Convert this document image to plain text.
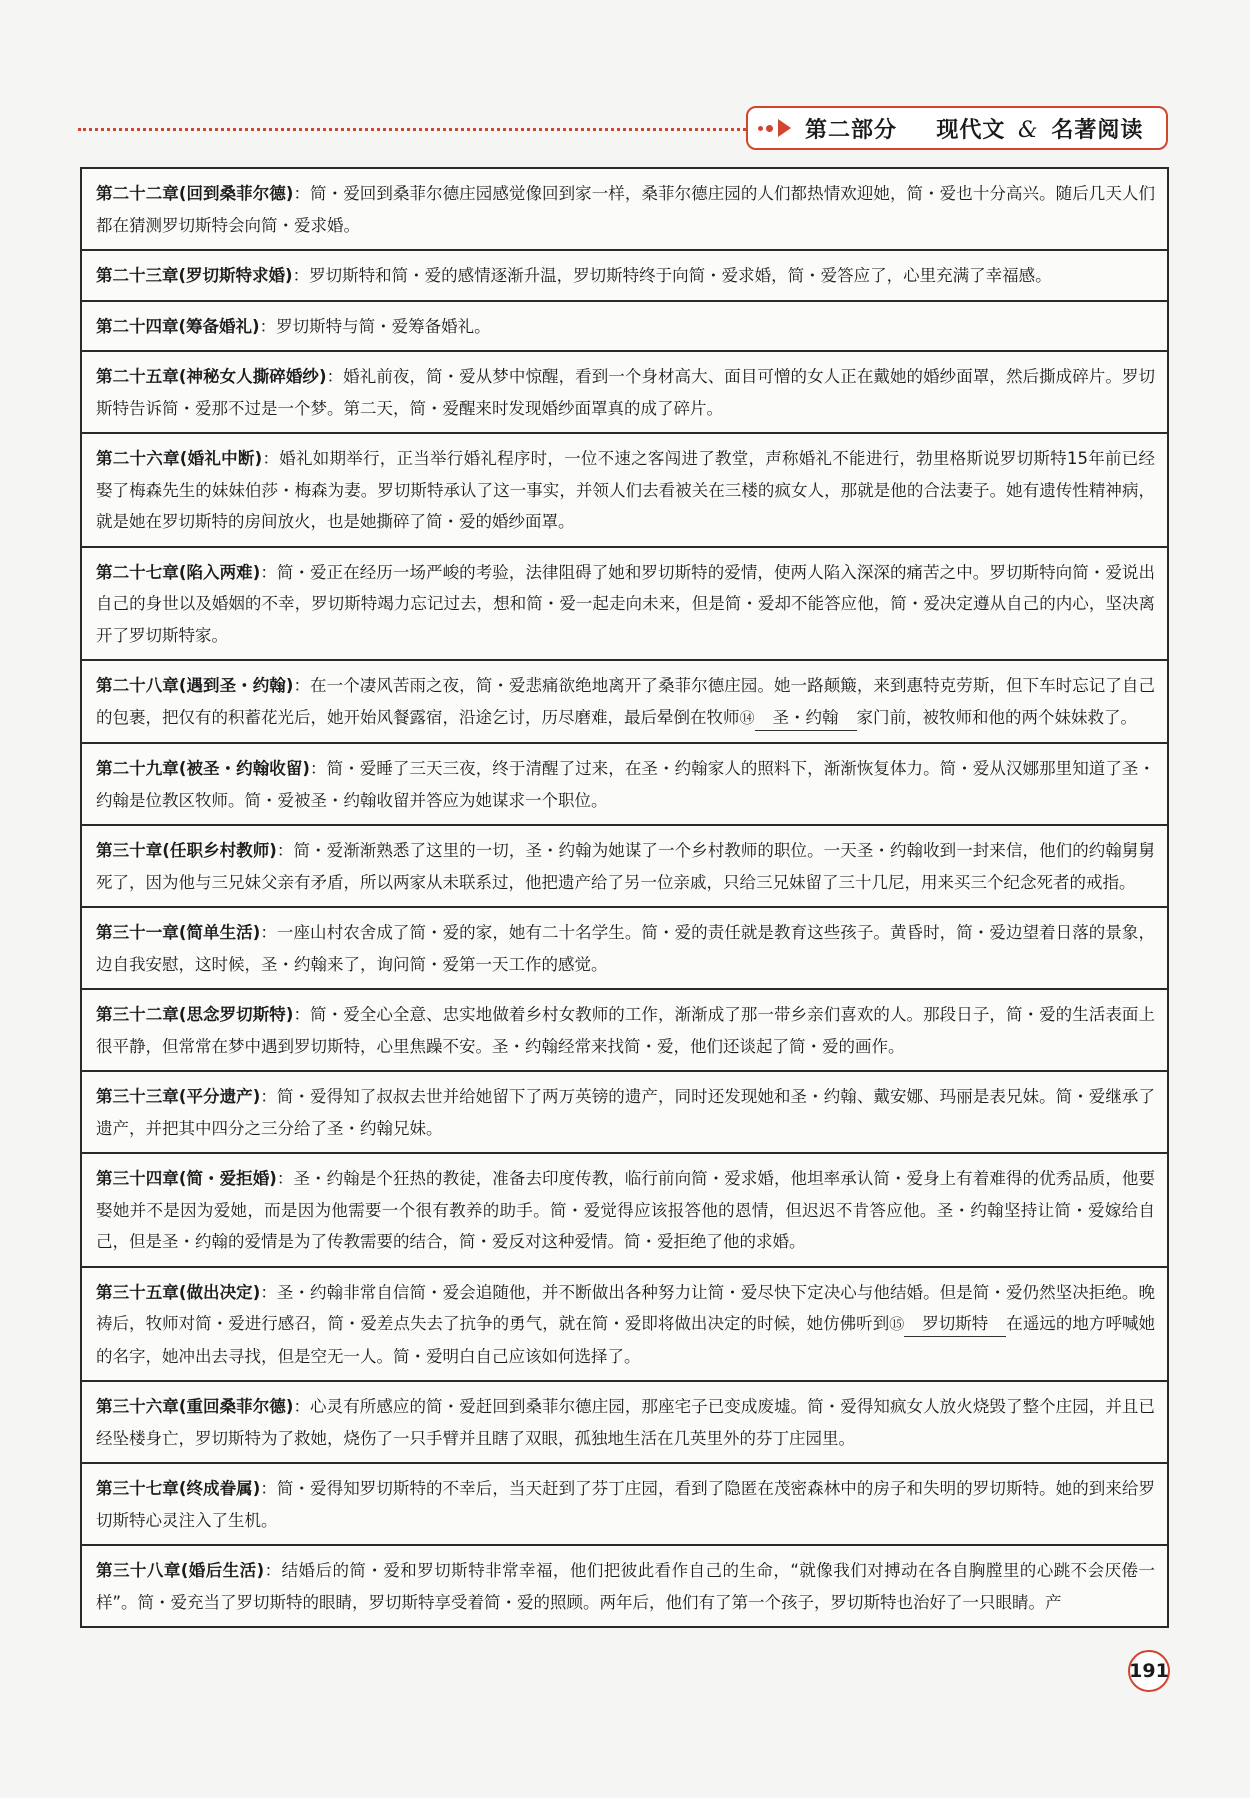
第二部分 现代文 & 名著阅读
第二十二章(回到桑菲尔德)：简・爱回到桑菲尔德庄园感觉像回到家一样，桑菲尔德庄园的人们都热情欢迎她，简・爱也十分高兴。随后几天人们都在猜测罗切斯特会向简・爱求婚。
第二十三章(罗切斯特求婚)：罗切斯特和简・爱的感情逐渐升温，罗切斯特终于向简・爱求婚，简・爱答应了，心里充满了幸福感。
第二十四章(筹备婚礼)：罗切斯特与简・爱筹备婚礼。
第二十五章(神秘女人撕碎婚纱)：婚礼前夜，简・爱从梦中惊醒，看到一个身材高大、面目可憎的女人正在戴她的婚纱面罩，然后撕成碎片。罗切斯特告诉简・爱那不过是一个梦。第二天，简・爱醒来时发现婚纱面罩真的成了碎片。
第二十六章(婚礼中断)：婚礼如期举行，正当举行婚礼程序时，一位不速之客闯进了教堂，声称婚礼不能进行，勃里格斯说罗切斯特15年前已经娶了梅森先生的妹妹伯莎・梅森为妻。罗切斯特承认了这一事实，并领人们去看被关在三楼的疯女人，那就是他的合法妻子。她有遗传性精神病，就是她在罗切斯特的房间放火，也是她撕碎了简・爱的婚纱面罩。
第二十七章(陷入两难)：简・爱正在经历一场严峻的考验，法律阻碍了她和罗切斯特的爱情，使两人陷入深深的痛苦之中。罗切斯特向简・爱说出自己的身世以及婚姻的不幸，罗切斯特竭力忘记过去，想和简・爱一起走向未来，但是简・爱却不能答应他，简・爱决定遵从自己的内心，坚决离开了罗切斯特家。
第二十八章(遇到圣・约翰)：在一个凄风苦雨之夜，简・爱悲痛欲绝地离开了桑菲尔德庄园。她一路颠簸，来到惠特克劳斯，但下车时忘记了自己的包裹，把仅有的积蓄花光后，她开始风餐露宿，沿途乞讨，历尽磨难，最后晕倒在牧师⑭ 圣・约翰 家门前，被牧师和他的两个妹妹救了。
第二十九章(被圣・约翰收留)：简・爱睡了三天三夜，终于清醒了过来，在圣・约翰家人的照料下，渐渐恢复体力。简・爱从汉娜那里知道了圣・约翰是位教区牧师。简・爱被圣・约翰收留并答应为她谋求一个职位。
第三十章(任职乡村教师)：简・爱渐渐熟悉了这里的一切，圣・约翰为她谋了一个乡村教师的职位。一天圣・约翰收到一封来信，他们的约翰舅舅死了，因为他与三兄妹父亲有矛盾，所以两家从未联系过，他把遗产给了另一位亲戚，只给三兄妹留了三十几尼，用来买三个纪念死者的戒指。
第三十一章(简单生活)：一座山村农舍成了简・爱的家，她有二十名学生。简・爱的责任就是教育这些孩子。黄昏时，简・爱边望着日落的景象，边自我安慰，这时候，圣・约翰来了，询问简・爱第一天工作的感觉。
第三十二章(思念罗切斯特)：简・爱全心全意、忠实地做着乡村女教师的工作，渐渐成了那一带乡亲们喜欢的人。那段日子，简・爱的生活表面上很平静，但常常在梦中遇到罗切斯特，心里焦躁不安。圣・约翰经常来找简・爱，他们还谈起了简・爱的画作。
第三十三章(平分遗产)：简・爱得知了叔叔去世并给她留下了两万英镑的遗产，同时还发现她和圣・约翰、戴安娜、玛丽是表兄妹。简・爱继承了遗产，并把其中四分之三分给了圣・约翰兄妹。
第三十四章(简・爱拒婚)：圣・约翰是个狂热的教徒，准备去印度传教，临行前向简・爱求婚，他坦率承认简・爱身上有着难得的优秀品质，他要娶她并不是因为爱她，而是因为他需要一个很有教养的助手。简・爱觉得应该报答他的恩情，但迟迟不肯答应他。圣・约翰坚持让简・爱嫁给自己，但是圣・约翰的爱情是为了传教需要的结合，简・爱反对这种爱情。简・爱拒绝了他的求婚。
第三十五章(做出决定)：圣・约翰非常自信简・爱会追随他，并不断做出各种努力让简・爱尽快下定决心与他结婚。但是简・爱仍然坚决拒绝。晚祷后，牧师对简・爱进行感召，简・爱差点失去了抗争的勇气，就在简・爱即将做出决定的时候，她仿佛听到⑮ 罗切斯特 在遥远的地方呼喊她的名字，她冲出去寻找，但是空无一人。简・爱明白自己应该如何选择了。
第三十六章(重回桑菲尔德)：心灵有所感应的简・爱赶回到桑菲尔德庄园，那座宅子已变成废墟。简・爱得知疯女人放火烧毁了整个庄园，并且已经坠楼身亡，罗切斯特为了救她，烧伤了一只手臂并且瞎了双眼，孤独地生活在几英里外的芬丁庄园里。
第三十七章(终成眷属)：简・爱得知罗切斯特的不幸后，当天赶到了芬丁庄园，看到了隐匿在茂密森林中的房子和失明的罗切斯特。她的到来给罗切斯特心灵注入了生机。
第三十八章(婚后生活)：结婚后的简・爱和罗切斯特非常幸福，他们把彼此看作自己的生命，“就像我们对搏动在各自胸膛里的心跳不会厌倦一样”。简・爱充当了罗切斯特的眼睛，罗切斯特享受着简・爱的照顾。两年后，他们有了第一个孩子，罗切斯特也治好了一只眼睛。产
191
